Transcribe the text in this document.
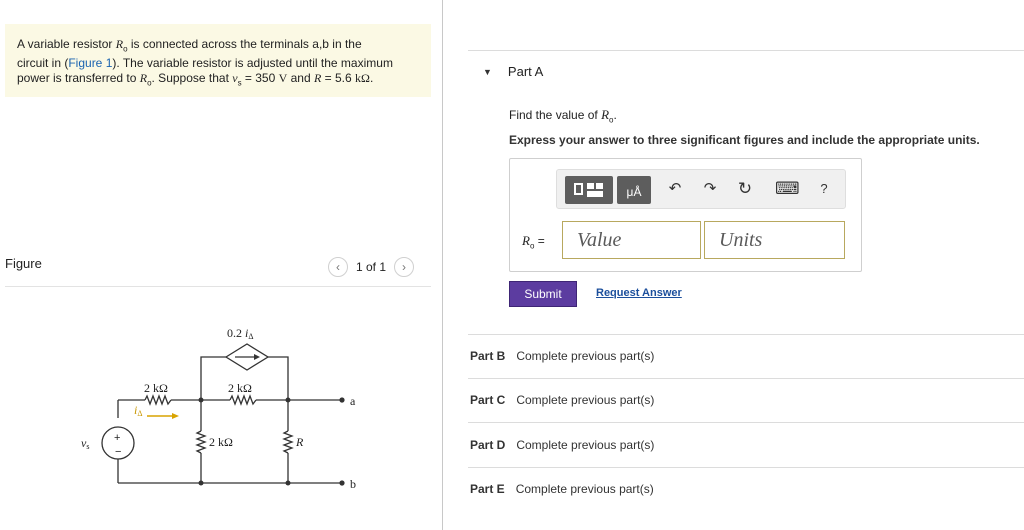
A variable resistor $R_o$ is connected across the terminals a,b in the
circuit in (Figure 1). The variable resistor is adjusted until the maximum
power is transferred to $R_o$. Suppose that $v_s = 350$ V and R = 5.6 kΩ.
Figure	‹	1 of 1	›
0.2 iΔ
2 kΩ	2 kΩ
2 kΩ	R
iΔ
vs
+
−
a
b
▼ Part A
Find the value of $R_o$.
Express your answer to three significant figures and include the appropriate units.
μÅ	↶	↷ ↻ ⌨	?
$R_o$ =
Value
Units
Submit	Request Answer
Part B Complete previous part(s)
Part C Complete previous part(s)
Part D Complete previous part(s)
Part E Complete previous part(s)
